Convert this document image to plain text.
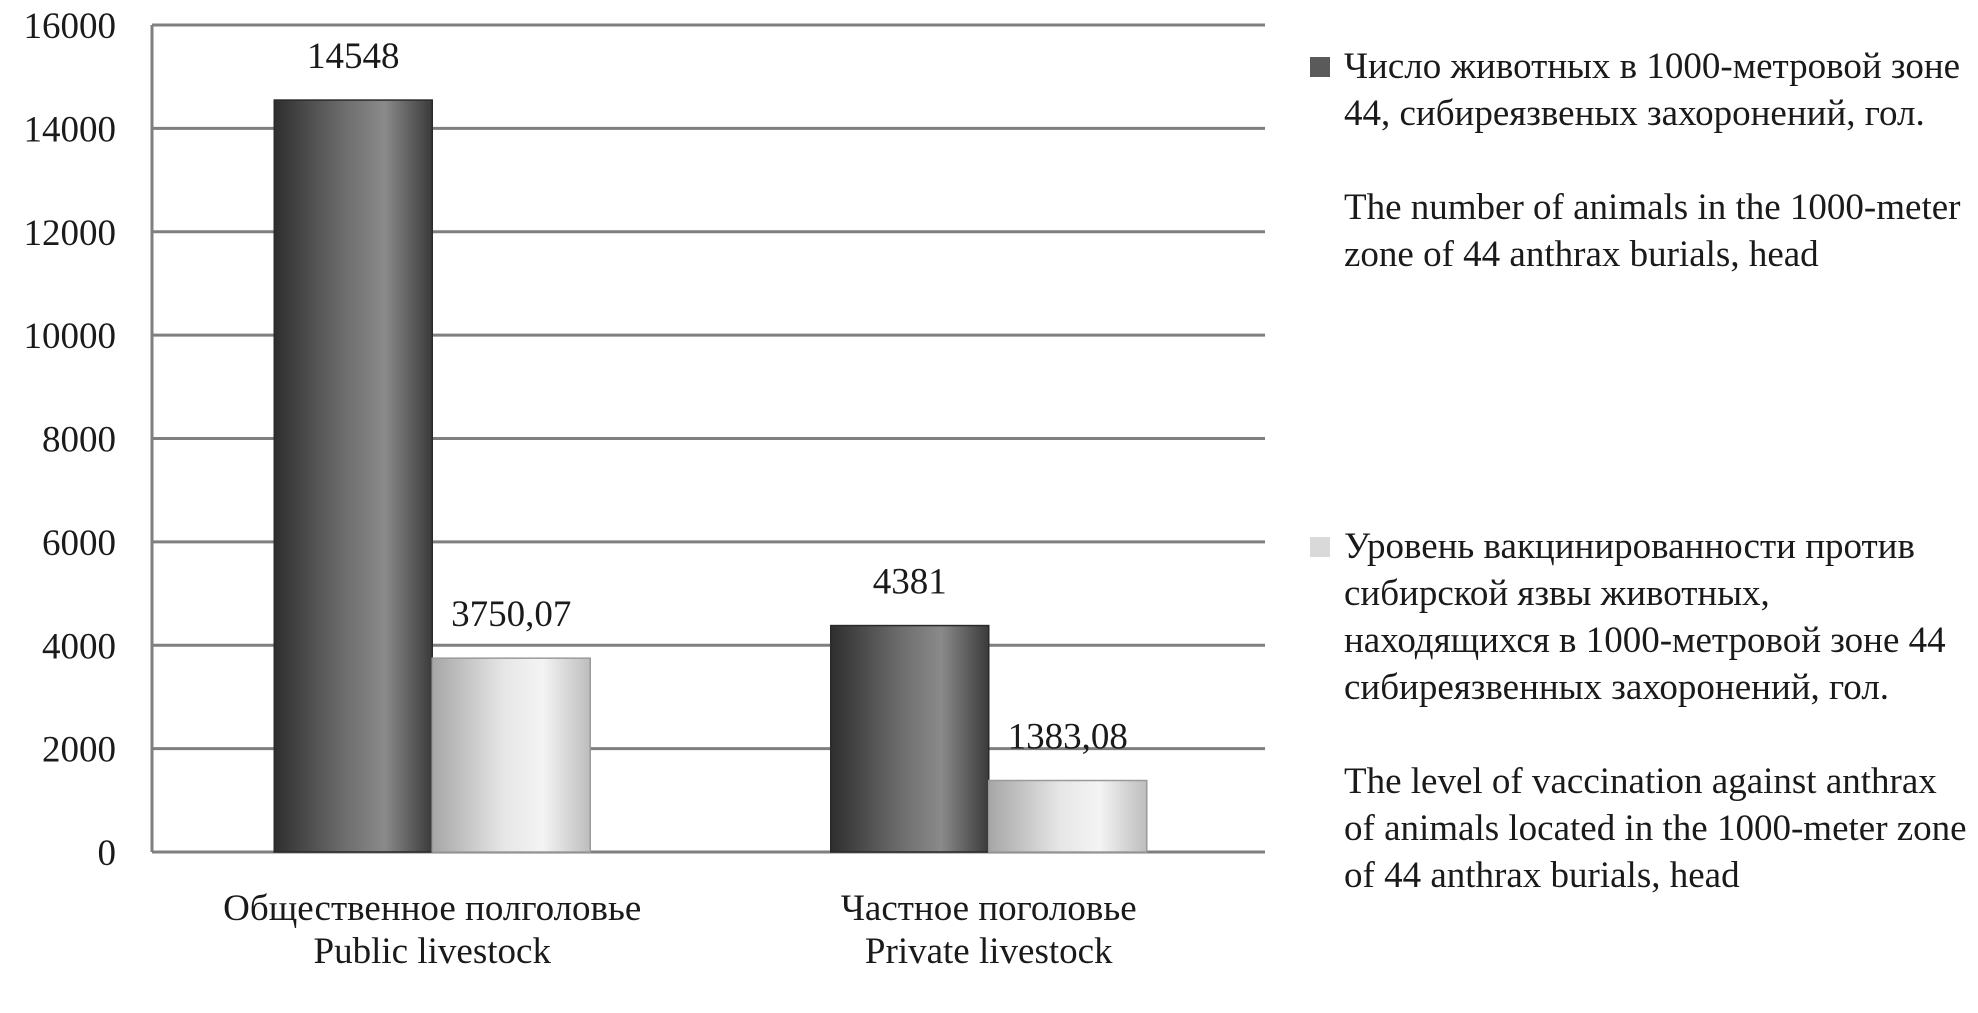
14548
3750,07
4381
1383,08
0
2000
4000
6000
8000
10000
12000
14000
16000
Общественное полголовье
Public livestock
Частное поголовье
Private livestock

Число животных в 1000-метровой зоне 44, сибиреязвеных захоронений, гол.

The number of animals in the 1000-meter zone of 44 anthrax burials, head

Уровень вакцинированности против сибирской язвы животных, находящихся в 1000-метровой зоне 44 сибиреязвенных захоронений, гол.

The level of vaccination against anthrax of animals located in the 1000-meter zone of 44 anthrax burials, head
